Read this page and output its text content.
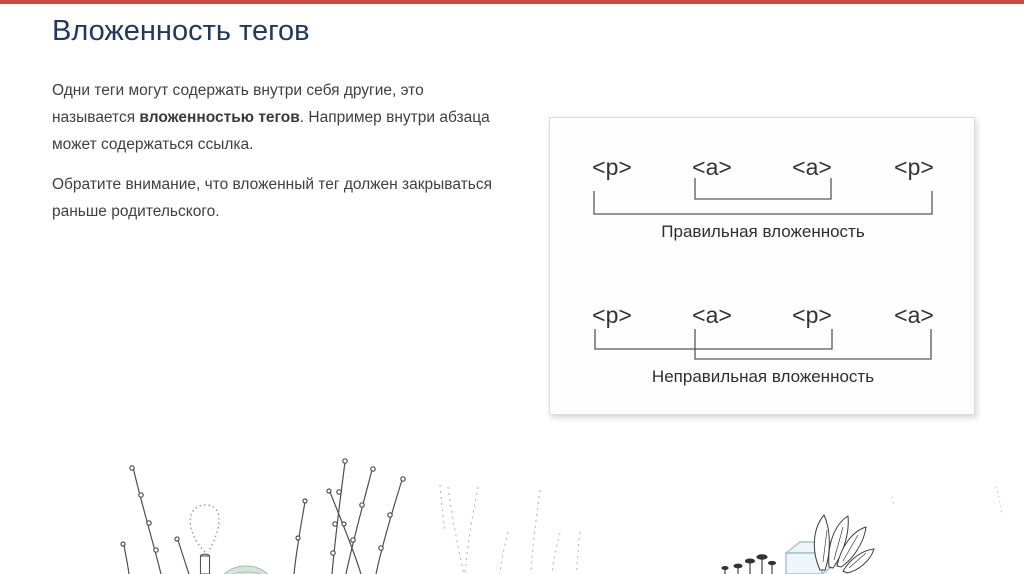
Вложенность тегов
Одни теги могут содержать внутри себя другие, это
называется вложенностью тегов. Например внутри абзаца
может содержаться ссылка.
Обратите внимание, что вложенный тег должен закрываться
раньше родительского.
<p>	<a>	<a>	<p>
Правильная вложенность
<p>	<a>	<p>	<a>
Неправильная вложенность
